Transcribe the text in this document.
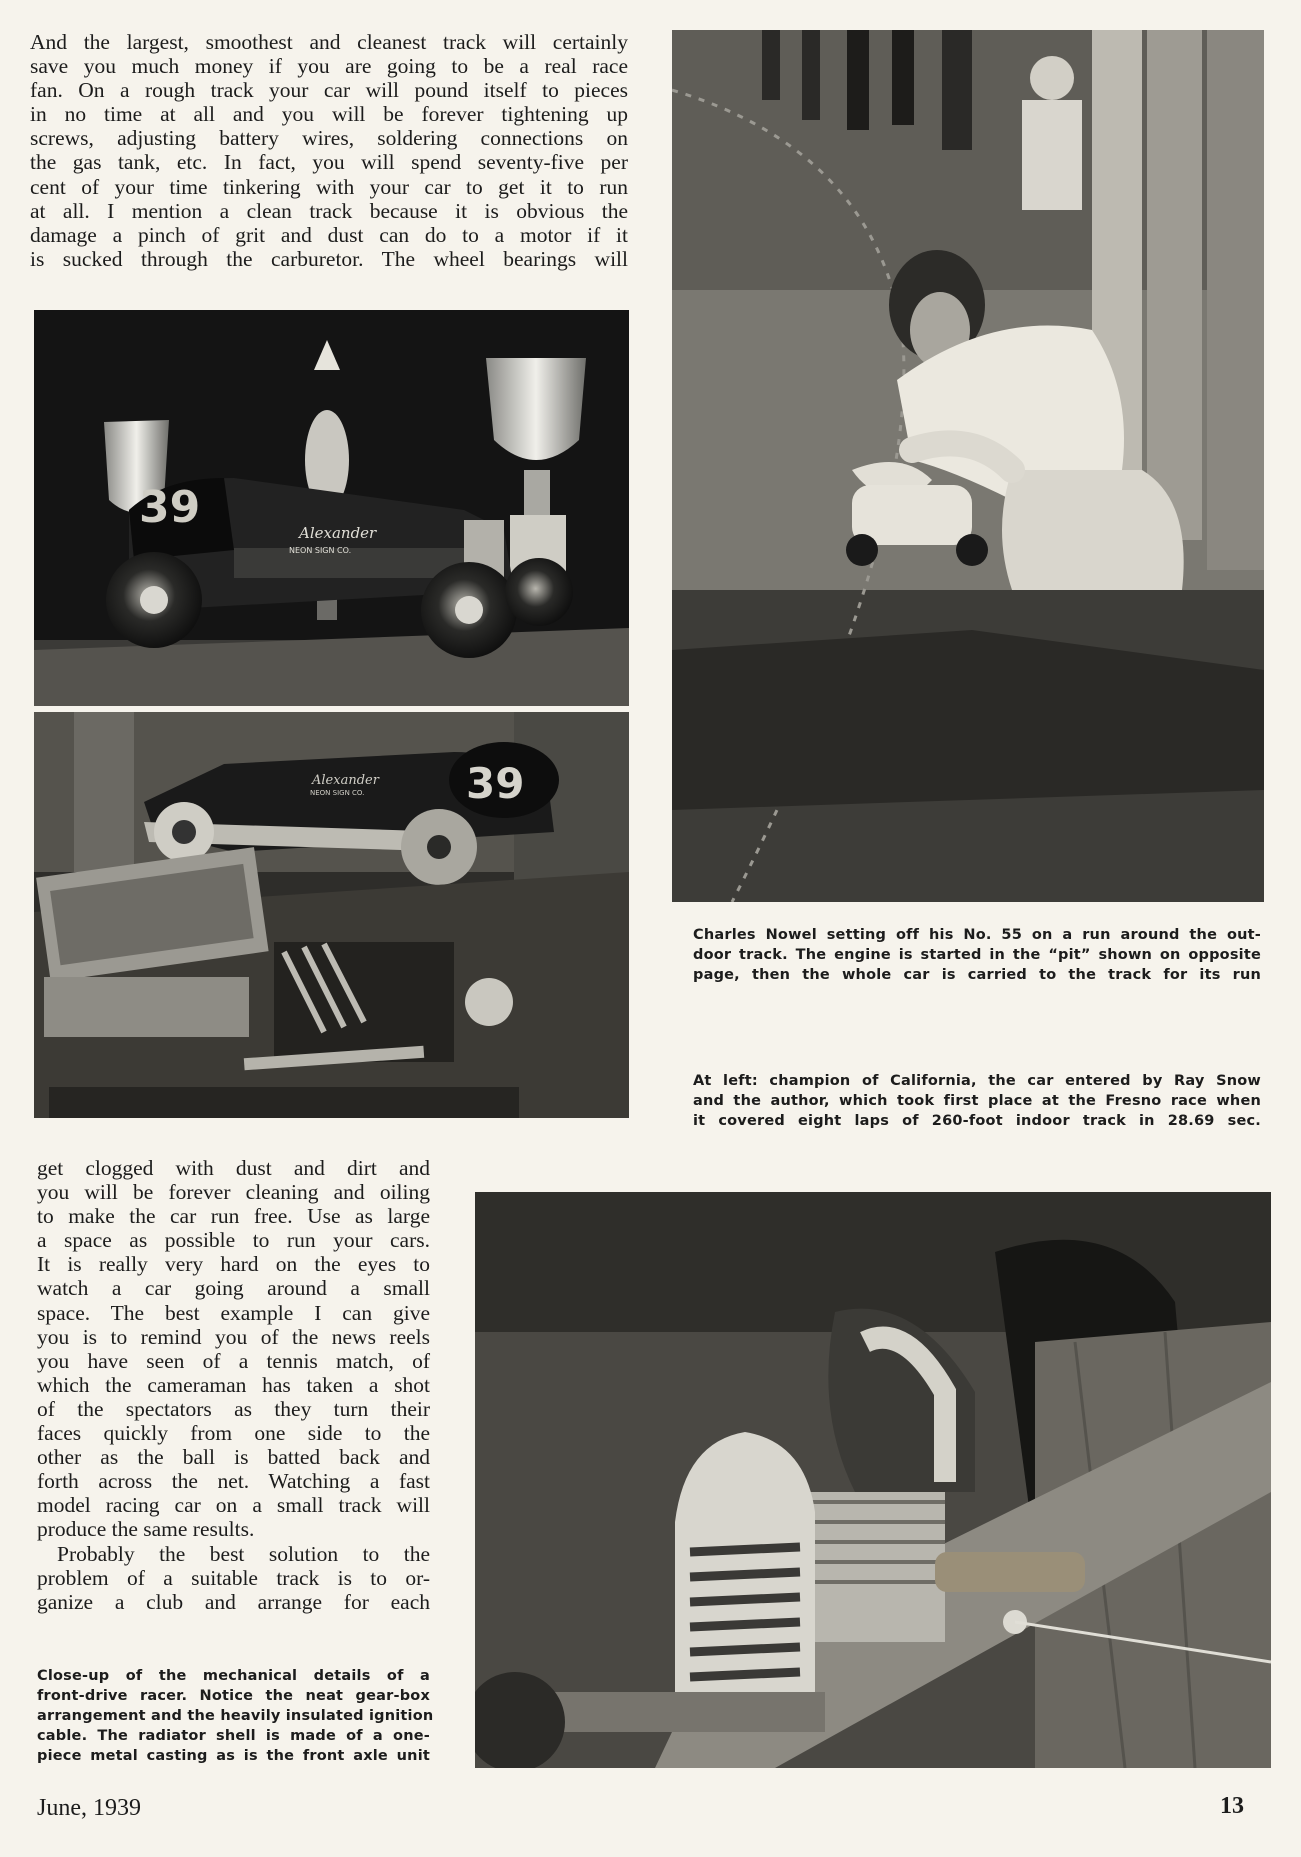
And the largest, smoothest and cleanest track will certainly
save you much money if you are going to be a real race
fan. On a rough track your car will pound itself to pieces
in no time at all and you will be forever tightening up
screws, adjusting battery wires, soldering connections on
the gas tank, etc. In fact, you will spend seventy-five per
cent of your time tinkering with your car to get it to run
at all. I mention a clean track because it is obvious the
damage a pinch of grit and dust can do to a motor if it
is sucked through the carburetor. The wheel bearings will
39	Alexander
NEON SIGN CO.
39
Alexander
NEON SIGN CO.
Charles Nowel setting off his No. 55 on a run around the out-
door track. The engine is started in the “pit” shown on opposite
page, then the whole car is carried to the track for its run
At left: champion of California, the car entered by Ray Snow
and the author, which took first place at the Fresno race when
it covered eight laps of 260-foot indoor track in 28.69 sec.
get clogged with dust and dirt and
you will be forever cleaning and oiling
to make the car run free. Use as large
a space as possible to run your cars.
It is really very hard on the eyes to
watch a car going around a small
space. The best example I can give
you is to remind you of the news reels
you have seen of a tennis match, of
which the cameraman has taken a shot
of the spectators as they turn their
faces quickly from one side to the
other as the ball is batted back and
forth across the net. Watching a fast
model racing car on a small track will
produce the same results.
Probably the best solution to the
problem of a suitable track is to or-
ganize a club and arrange for each
Close-up of the mechanical details of a
front-drive racer. Notice the neat gear-box
arrangement and the heavily insulated ignition
cable. The radiator shell is made of a one-
piece metal casting as is the front axle unit
June, 1939	13
